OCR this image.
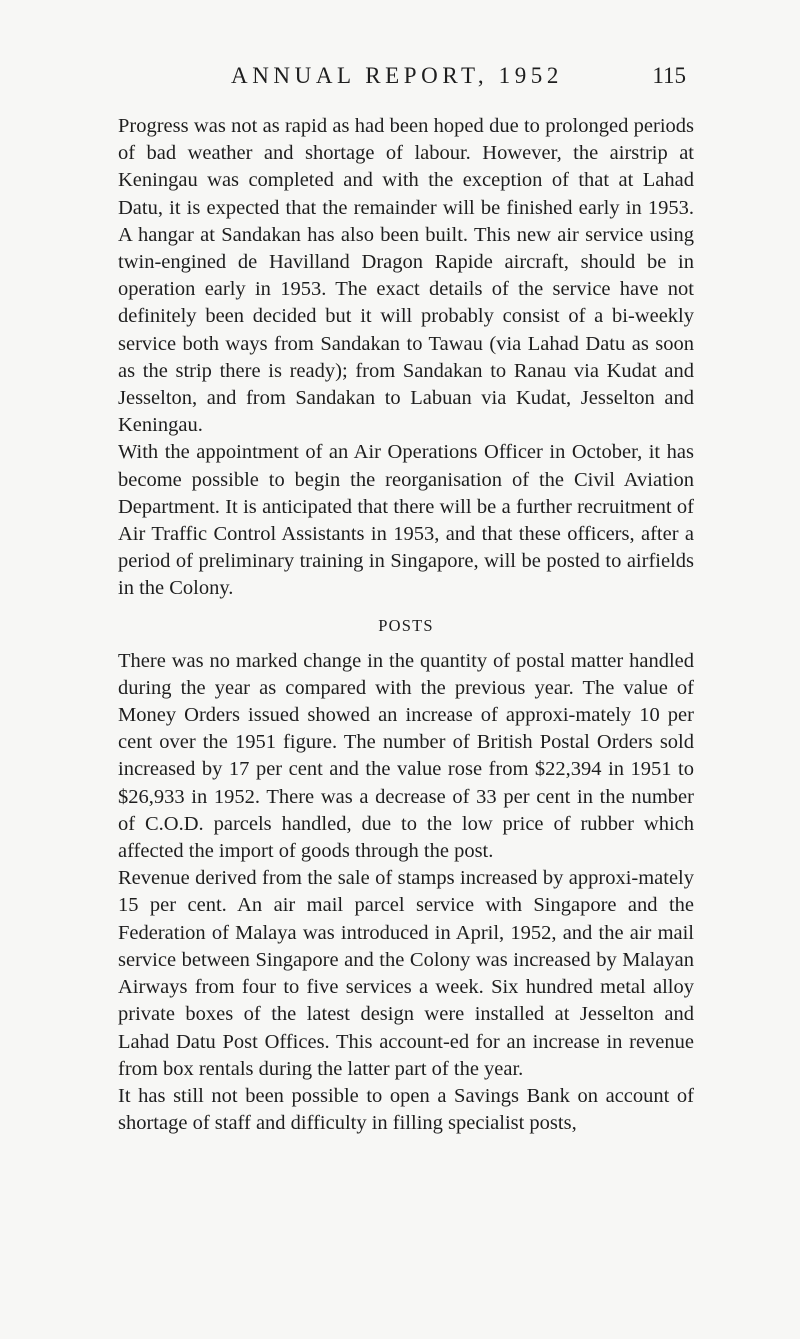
ANNUAL REPORT, 1952	115

Progress was not as rapid as had been hoped due to prolonged periods of bad weather and shortage of labour. However, the airstrip at Keningau was completed and with the exception of that at Lahad Datu, it is expected that the remainder will be finished early in 1953. A hangar at Sandakan has also been built. This new air service using twin-engined de Havilland Dragon Rapide aircraft, should be in operation early in 1953. The exact details of the service have not definitely been decided but it will probably consist of a bi-weekly service both ways from Sandakan to Tawau (via Lahad Datu as soon as the strip there is ready); from Sandakan to Ranau via Kudat and Jesselton, and from Sandakan to Labuan via Kudat, Jesselton and Keningau.

With the appointment of an Air Operations Officer in October, it has become possible to begin the reorganisation of the Civil Aviation Department. It is anticipated that there will be a further recruitment of Air Traffic Control Assistants in 1953, and that these officers, after a period of preliminary training in Singapore, will be posted to airfields in the Colony.

POSTS

There was no marked change in the quantity of postal matter handled during the year as compared with the previous year. The value of Money Orders issued showed an increase of approxi-mately 10 per cent over the 1951 figure. The number of British Postal Orders sold increased by 17 per cent and the value rose from $22,394 in 1951 to $26,933 in 1952. There was a decrease of 33 per cent in the number of C.O.D. parcels handled, due to the low price of rubber which affected the import of goods through the post.

Revenue derived from the sale of stamps increased by approxi-mately 15 per cent. An air mail parcel service with Singapore and the Federation of Malaya was introduced in April, 1952, and the air mail service between Singapore and the Colony was increased by Malayan Airways from four to five services a week. Six hundred metal alloy private boxes of the latest design were installed at Jesselton and Lahad Datu Post Offices. This account-ed for an increase in revenue from box rentals during the latter part of the year.

It has still not been possible to open a Savings Bank on account of shortage of staff and difficulty in filling specialist posts,
